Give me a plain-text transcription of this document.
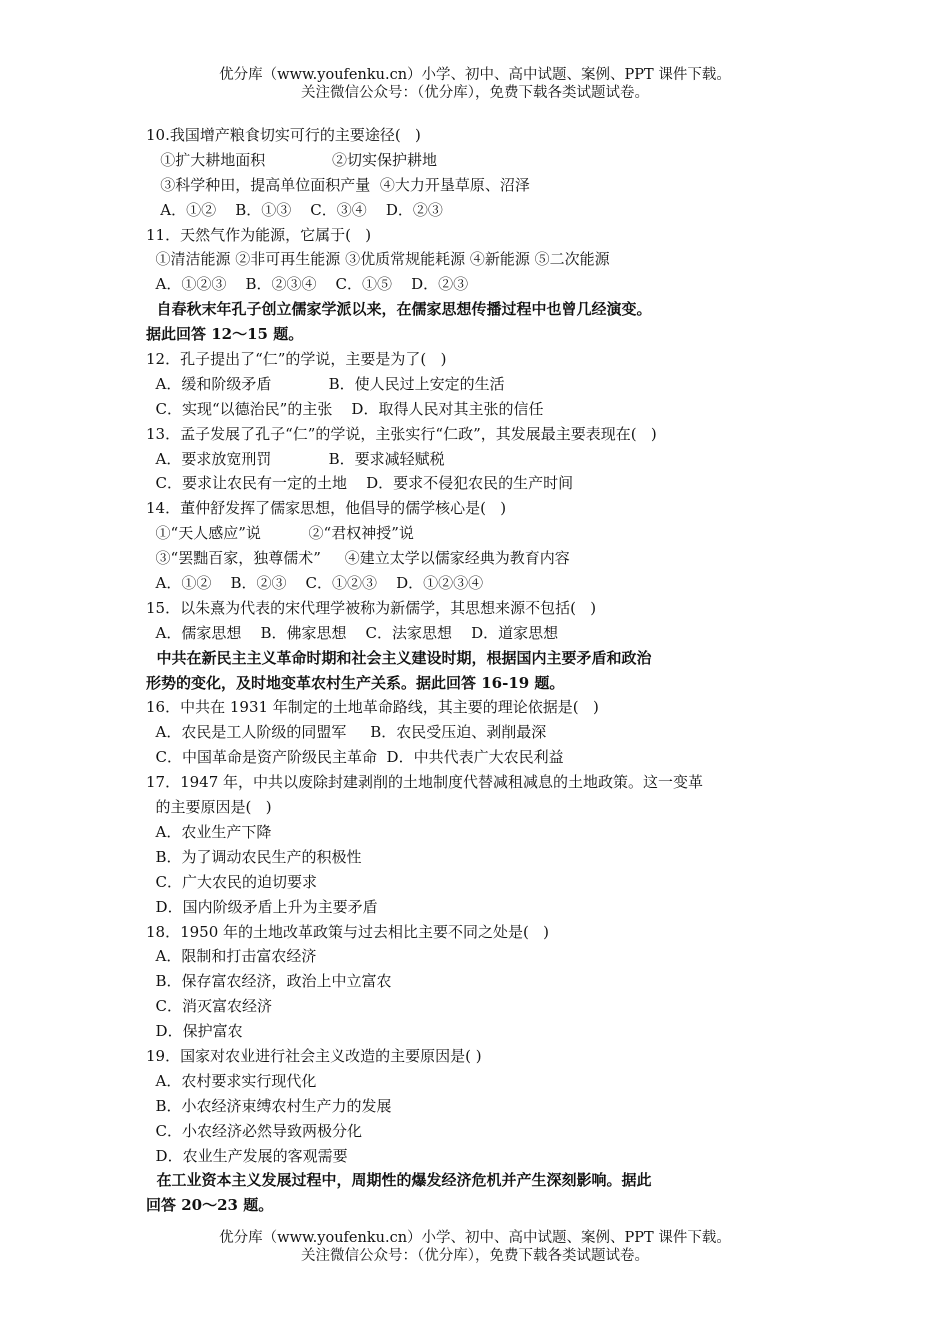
优分库（www.youfenku.cn）小学、初中、高中试题、案例、PPT 课件下载。
关注微信公众号：（优分库），免费下载各类试题试卷。
10.我国增产粮食切实可行的主要途径(   )
①扩大耕地面积              ②切实保护耕地
③科学种田，提高单位面积产量  ④大力开垦草原、沼泽
A．①②    B．①③    C．③④    D．②③
11．天然气作为能源，它属于(   )
①清洁能源 ②非可再生能源 ③优质常规能耗源 ④新能源 ⑤二次能源
A．①②③    B．②③④    C．①⑤    D．②③
自春秋末年孔子创立儒家学派以来，在儒家思想传播过程中也曾几经演变。
据此回答 12～15 题。
12．孔子提出了“仁”的学说，主要是为了(   )
A．缓和阶级矛盾            B．使人民过上安定的生活
C．实现“以德治民”的主张    D．取得人民对其主张的信任
13．孟子发展了孔子“仁”的学说，主张实行“仁政”，其发展最主要表现在(   )
A．要求放宽刑罚            B．要求减轻赋税
C．要求让农民有一定的土地    D．要求不侵犯农民的生产时间
14．董仲舒发挥了儒家思想，他倡导的儒学核心是(   )
①“天人感应”说          ②“君权神授”说
③“罢黜百家，独尊儒术”     ④建立太学以儒家经典为教育内容
A．①②    B．②③    C．①②③    D．①②③④
15．以朱熹为代表的宋代理学被称为新儒学，其思想来源不包括(   )
A．儒家思想    B．佛家思想    C．法家思想    D．道家思想
中共在新民主主义革命时期和社会主义建设时期，根据国内主要矛盾和政治
形势的变化，及时地变革农村生产关系。据此回答 16-19 题。
16．中共在 1931 年制定的土地革命路线，其主要的理论依据是(   )
A．农民是工人阶级的同盟军     B．农民受压迫、剥削最深
C．中国革命是资产阶级民主革命  D．中共代表广大农民利益
17．1947 年，中共以废除封建剥削的土地制度代替减租减息的土地政策。这一变革
的主要原因是(   )
A．农业生产下降
B．为了调动农民生产的积极性
C．广大农民的迫切要求
D．国内阶级矛盾上升为主要矛盾
18．1950 年的土地改革政策与过去相比主要不同之处是(   )
A．限制和打击富农经济
B．保存富农经济，政治上中立富农
C．消灭富农经济
D．保护富农
19．国家对农业进行社会主义改造的主要原因是( )
A．农村要求实行现代化
B．小农经济束缚农村生产力的发展
C．小农经济必然导致两极分化
D．农业生产发展的客观需要
在工业资本主义发展过程中，周期性的爆发经济危机并产生深刻影响。据此
回答 20～23 题。
优分库（www.youfenku.cn）小学、初中、高中试题、案例、PPT 课件下载。
关注微信公众号：（优分库），免费下载各类试题试卷。
